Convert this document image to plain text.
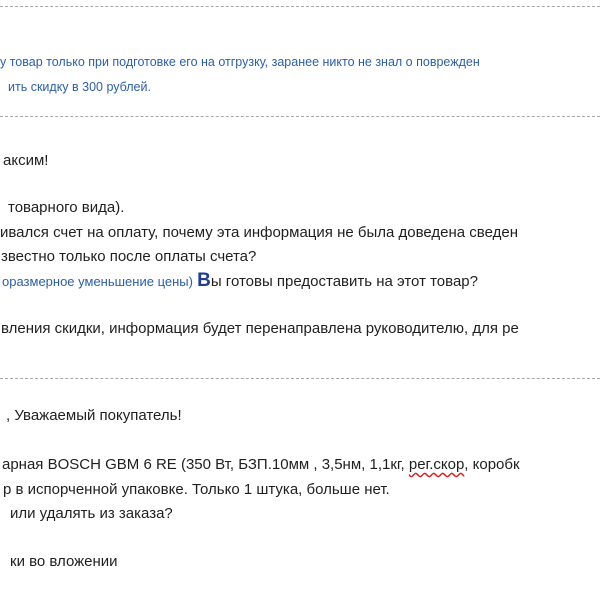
у товар только при подготовке его на отгрузку, заранее никто не знал о поврежден
ить скидку в 300 рублей.
аксим!
товарного вида).
ивался счет на оплату, почему эта информация не была доведена сведен
звестно только после оплаты счета?
оразмерное уменьшение цены) Вы готовы предоставить на этот товар?
вления скидки, информация будет перенаправлена руководителю, для ре
, Уважаемый покупатель!
арная BOSCH GBM 6 RE (350 Вт, БЗП.10мм , 3,5нм, 1,1кг, рег.скор, коробк
р в испорченной упаковке. Только 1 штука, больше нет.
или удалять из заказа?
ки во вложении
